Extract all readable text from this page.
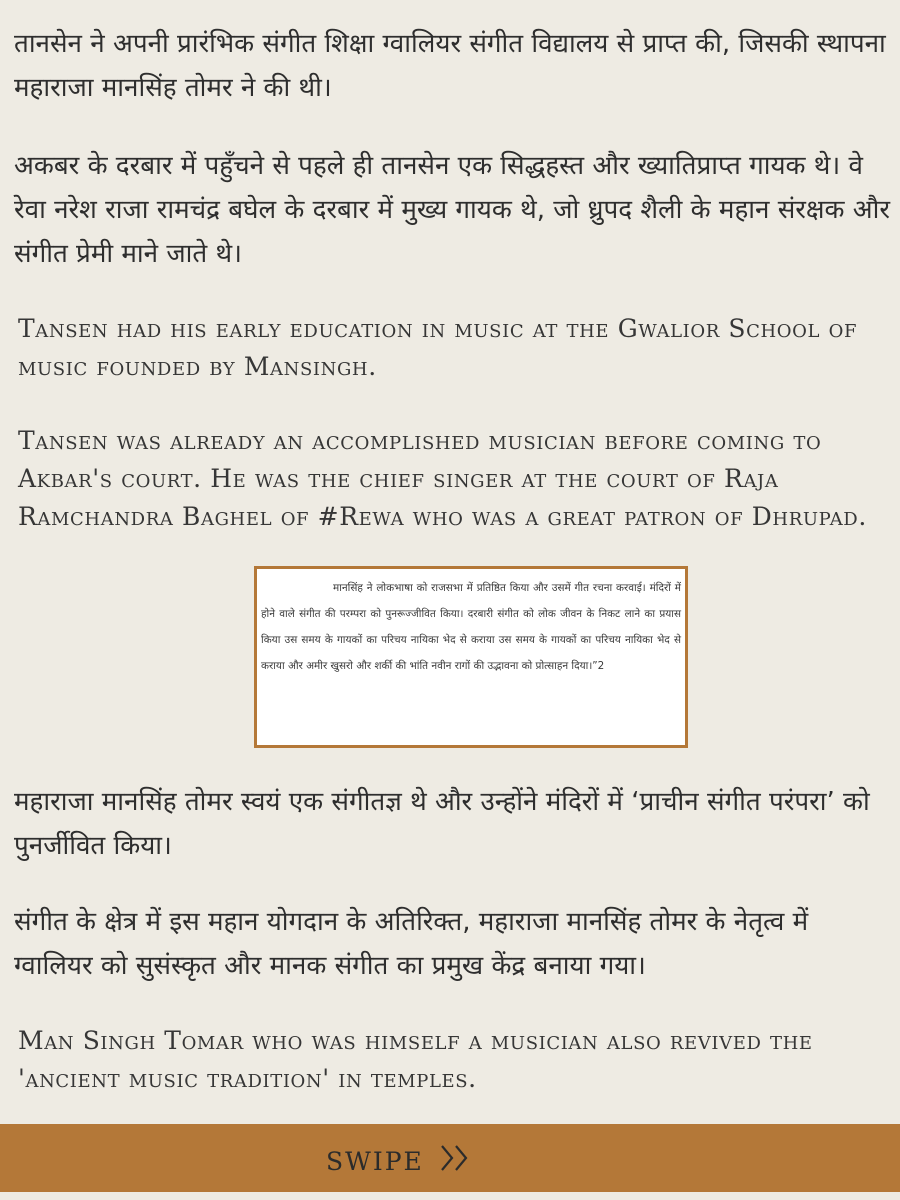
तानसेन ने अपनी प्रारंभिक संगीत शिक्षा ग्वालियर संगीत विद्यालय से प्राप्त की, जिसकी स्थापना महाराजा मानसिंह तोमर ने की थी।

अकबर के दरबार में पहुँचने से पहले ही तानसेन एक सिद्धहस्त और ख्यातिप्राप्त गायक थे। वे रेवा नरेश राजा रामचंद्र बघेल के दरबार में मुख्य गायक थे, जो ध्रुपद शैली के महान संरक्षक और संगीत प्रेमी माने जाते थे।

Tansen had his early education in music at the Gwalior School of music founded by Mansingh.

Tansen was already an accomplished musician before coming to Akbar's court. He was the chief singer at the court of Raja Ramchandra Baghel of #Rewa who was a great patron of Dhrupad.

मानसिंह ने लोकभाषा को राजसभा में प्रतिष्ठित किया और उसमें गीत रचना करवाई। मंदिरों में होने वाले संगीत की परम्परा को पुनरूज्जीवित किया। दरबारी संगीत को लोक जीवन के निकट लाने का प्रयास किया उस समय के गायकों का परिचय नायिका भेद से कराया उस समय के गायकों का परिचय नायिका भेद से कराया और अमीर खुसरो और शर्की की भांति नवीन रागों की उद्भावना को प्रोत्साहन दिया।”2

महाराजा मानसिंह तोमर स्वयं एक संगीतज्ञ थे और उन्होंने मंदिरों में ‘प्राचीन संगीत परंपरा’ को पुनर्जीवित किया।

संगीत के क्षेत्र में इस महान योगदान के अतिरिक्त, महाराजा मानसिंह तोमर के नेतृत्व में ग्वालियर को सुसंस्कृत और मानक संगीत का प्रमुख केंद्र बनाया गया।

Man Singh Tomar who was himself a musician also revived the 'ancient music tradition' in temples.

swipe
